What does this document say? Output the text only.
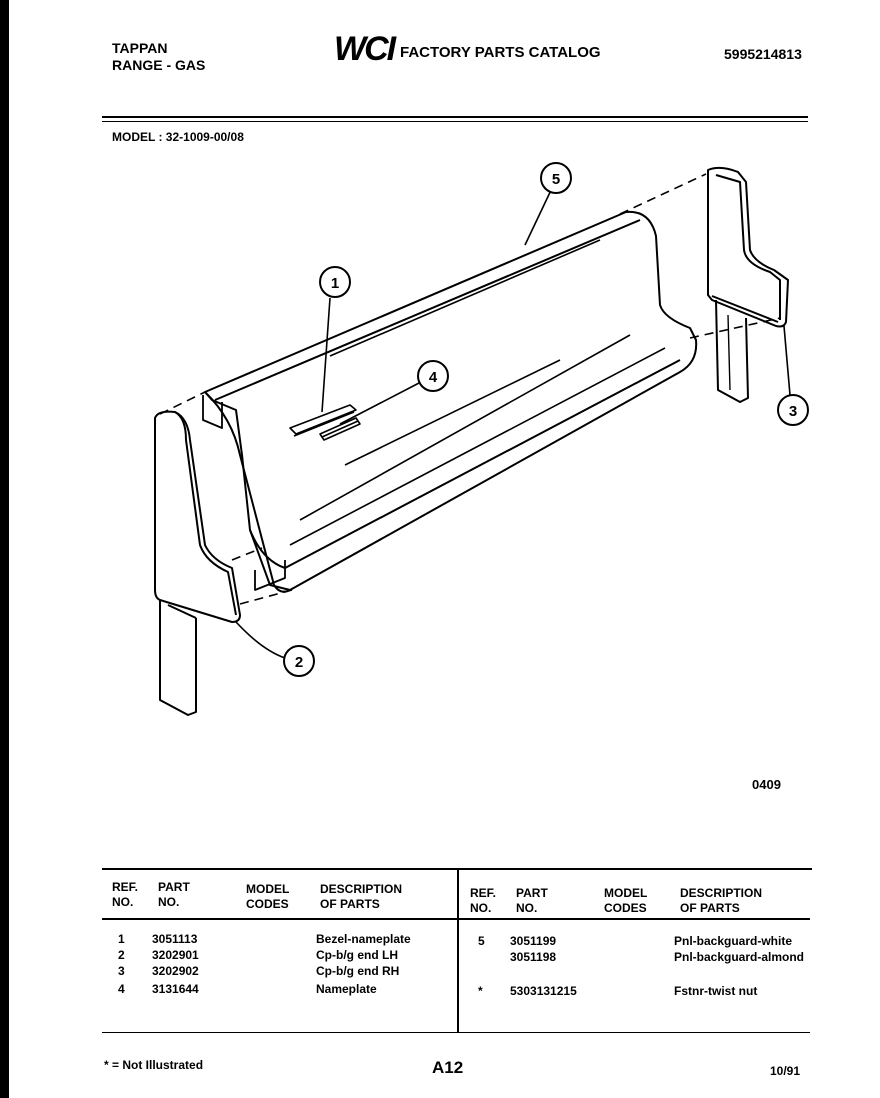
TAPPAN
RANGE - GAS	WCI FACTORY PARTS CATALOG	5995214813
MODEL : 32-1009-00/08
1
4
5
2
3
0409
REF.
NO.
PART
NO.
MODEL
CODES
DESCRIPTION
OF PARTS
REF.
NO.
PART
NO.
MODEL
CODES
DESCRIPTION
OF PARTS
1 3051113	Bezel-nameplate
2 3202901	Cp-b/g end LH
3 3202902	Cp-b/g end RH
4 3131644	Nameplate
5 3051199	Pnl-backguard-white
3051198	Pnl-backguard-almond
* 5303131215	Fstnr-twist nut
* = Not Illustrated	A12	10/91
